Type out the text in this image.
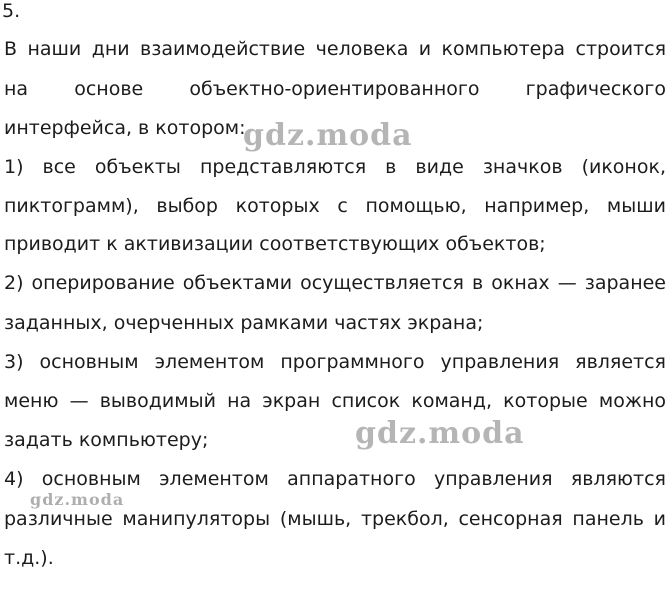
5.
В наши дни взаимодействие человека и компьютера строится
на основе объектно-ориентированного графического
интерфейса, в котором:
1) все объекты представляются в виде значков (иконок,
пиктограмм), выбор которых с помощью, например, мыши
приводит к активизации соответствующих объектов;
2) оперирование объектами осуществляется в окнах — заранее
заданных, очерченных рамками частях экрана;
3) основным элементом программного управления является
меню — выводимый на экран список команд, которые можно
задать компьютеру;
4) основным элементом аппаратного управления являются
различные манипуляторы (мышь, трекбол, сенсорная панель и
т.д.).
gdz.moda
gdz.moda
gdz.moda
